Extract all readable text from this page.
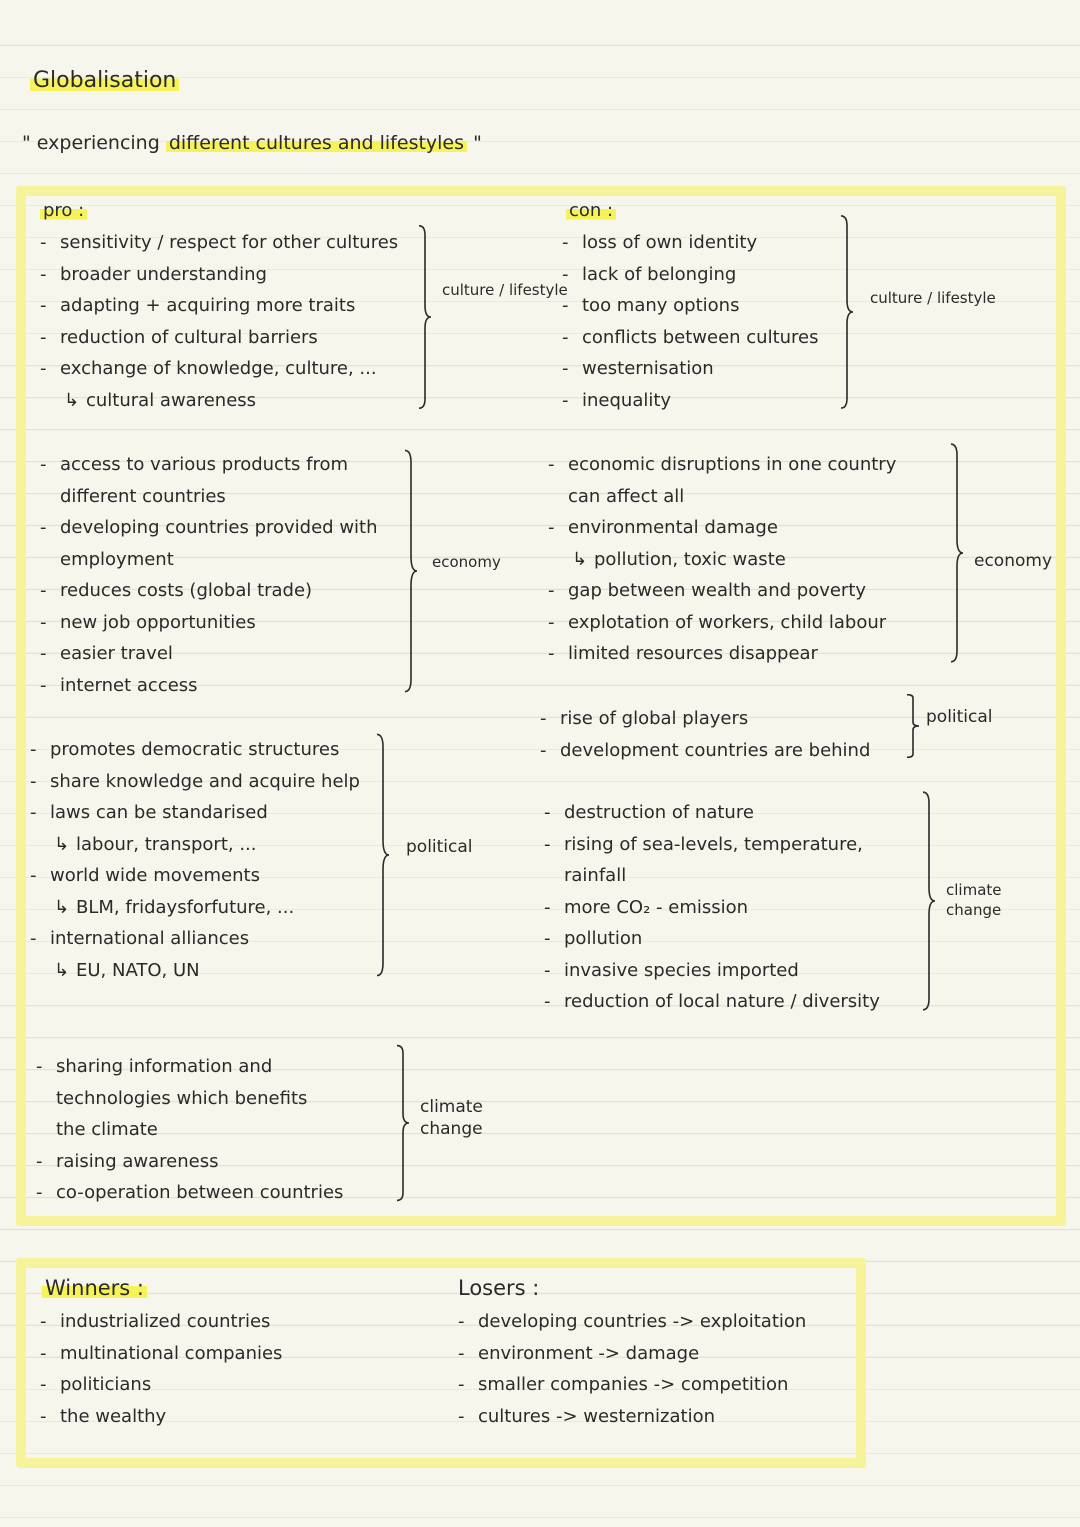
Globalisation
" experiencing different cultures and lifestyles "
pro :	con :
- sensitivity / respect for other cultures
- broader understanding
- adapting + acquiring more traits
- reduction of cultural barriers
- exchange of knowledge, culture, ...
↳ cultural awareness
culture / lifestyle
- loss of own identity
- lack of belonging
- too many options
- conflicts between cultures
- westernisation
- inequality
culture / lifestyle
- access to various products from
different countries
- developing countries provided with
employment
- reduces costs (global trade)
- new job opportunities
- easier travel
- internet access
economy
- economic disruptions in one country
can affect all
- environmental damage
↳ pollution, toxic waste
- gap between wealth and poverty
- explotation of workers, child labour
- limited resources disappear
economy
- rise of global players
- development countries are behind
political
- promotes democratic structures
- share knowledge and acquire help
- laws can be standarised
↳ labour, transport, ...
- world wide movements
↳ BLM, fridaysforfuture, ...
- international alliances
↳ EU, NATO, UN
political
- destruction of nature
- rising of sea-levels, temperature,
rainfall
- more CO₂ - emission
- pollution
- invasive species imported
- reduction of local nature / diversity
climate change
- sharing information and
technologies which benefits
the climate
- raising awareness
- co-operation between countries
climate change
Winners :
- industrialized countries
- multinational companies
- politicians
- the wealthy
Losers :
- developing countries -> exploitation
- environment -> damage
- smaller companies -> competition
- cultures -> westernization
